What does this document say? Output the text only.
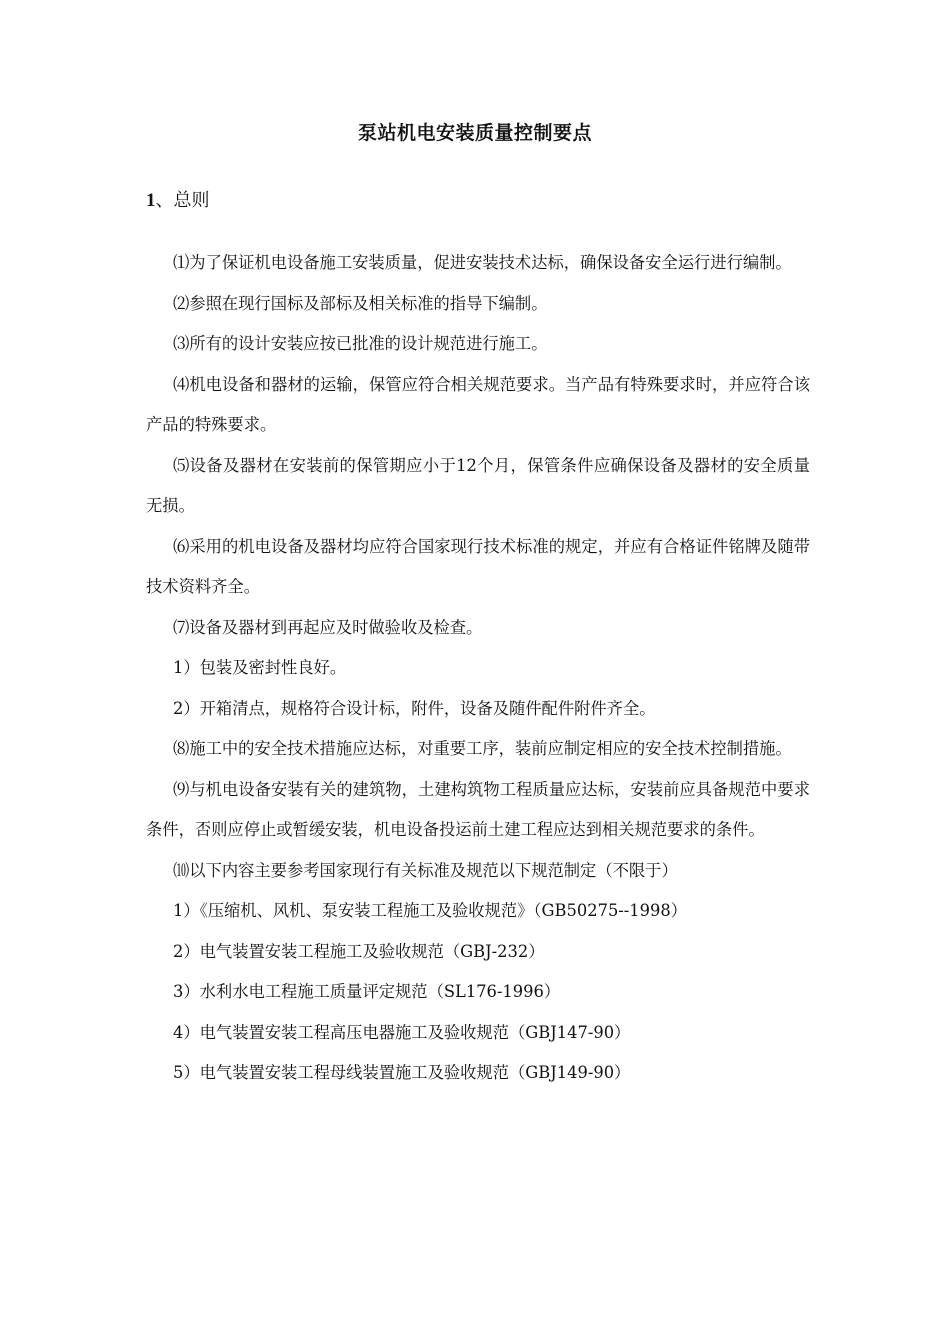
泵站机电安装质量控制要点
1、总则

⑴为了保证机电设备施工安装质量，促进安装技术达标，确保设备安全运行进行编制。

⑵参照在现行国标及部标及相关标准的指导下编制。

⑶所有的设计安装应按已批准的设计规范进行施工。

⑷机电设备和器材的运输，保管应符合相关规范要求。当产品有特殊要求时，并应符合该产品的特殊要求。

⑸设备及器材在安装前的保管期应小于12个月，保管条件应确保设备及器材的安全质量无损。

⑹采用的机电设备及器材均应符合国家现行技术标准的规定，并应有合格证件铭牌及随带技术资料齐全。

⑺设备及器材到再起应及时做验收及检查。

1）包装及密封性良好。

2）开箱清点，规格符合设计标，附件，设备及随件配件附件齐全。

⑻施工中的安全技术措施应达标，对重要工序，装前应制定相应的安全技术控制措施。

⑼与机电设备安装有关的建筑物，土建构筑物工程质量应达标，安装前应具备规范中要求条件，否则应停止或暂缓安装，机电设备投运前土建工程应达到相关规范要求的条件。

⑽以下内容主要参考国家现行有关标准及规范以下规范制定（不限于）

1）《压缩机、风机、泵安装工程施工及验收规范》（GB50275--1998）

2）电气装置安装工程施工及验收规范（GBJ-232）

3）水利水电工程施工质量评定规范（SL176-1996）

4）电气装置安装工程高压电器施工及验收规范（GBJ147-90）

5）电气装置安装工程母线装置施工及验收规范（GBJ149-90）
